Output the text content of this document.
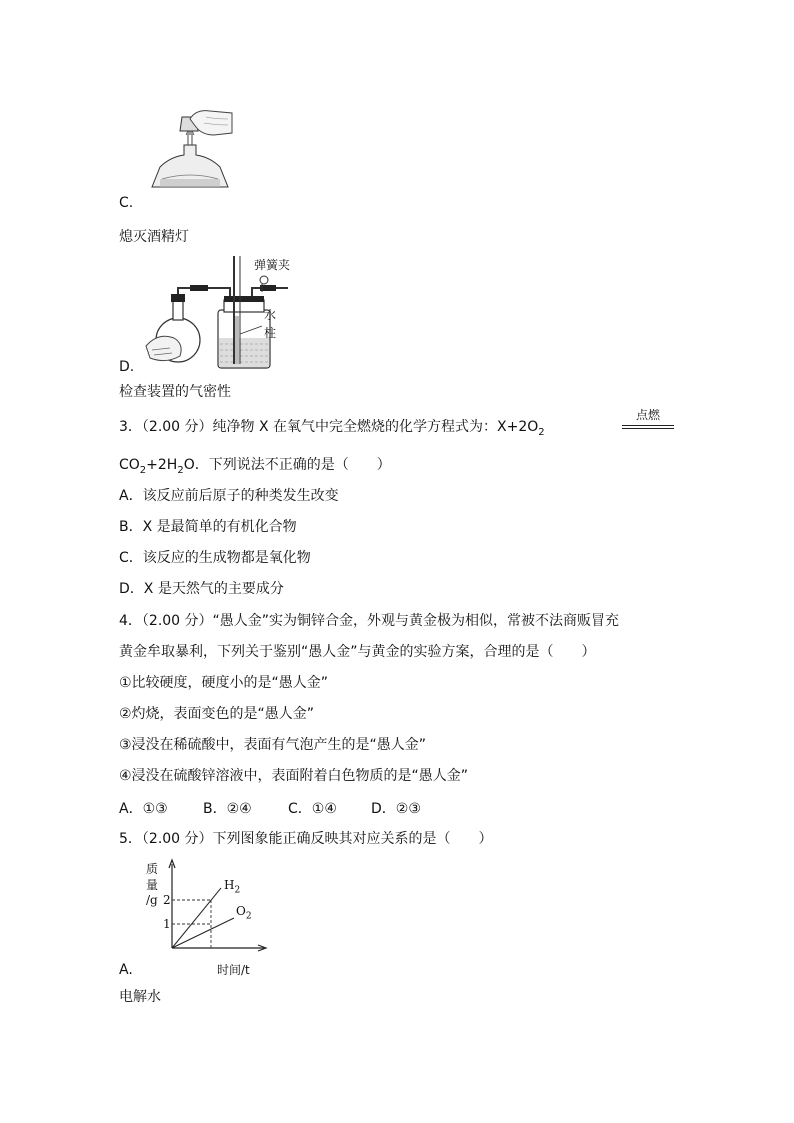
C.
熄灭酒精灯
弹簧夹
水
柱
D.
检查装置的气密性
3．（2.00 分）纯净物 X 在氧气中完全燃烧的化学方程式为：$X+2O_2$
点燃
$CO_2+2H_2O$．下列说法不正确的是（　　）
A．该反应前后原子的种类发生改变
B．X 是最简单的有机化合物
C．该反应的生成物都是氧化物
D．X 是天然气的主要成分
4．（2.00 分）“愚人金”实为铜锌合金，外观与黄金极为相似，常被不法商贩冒充
黄金牟取暴利，下列关于鉴别“愚人金”与黄金的实验方案，合理的是（　　）
①比较硬度，硬度小的是“愚人金”
②灼烧，表面变色的是“愚人金”
③浸没在稀硫酸中，表面有气泡产生的是“愚人金”
④浸没在硫酸锌溶液中，表面附着白色物质的是“愚人金”
A．①③	B．②④	C．①④ D．②③
5．（2.00 分）下列图象能正确反映其对应关系的是（　　）
质
量
/g 2
1
$H_2$
$O_2$
时间/t
A.
电解水
